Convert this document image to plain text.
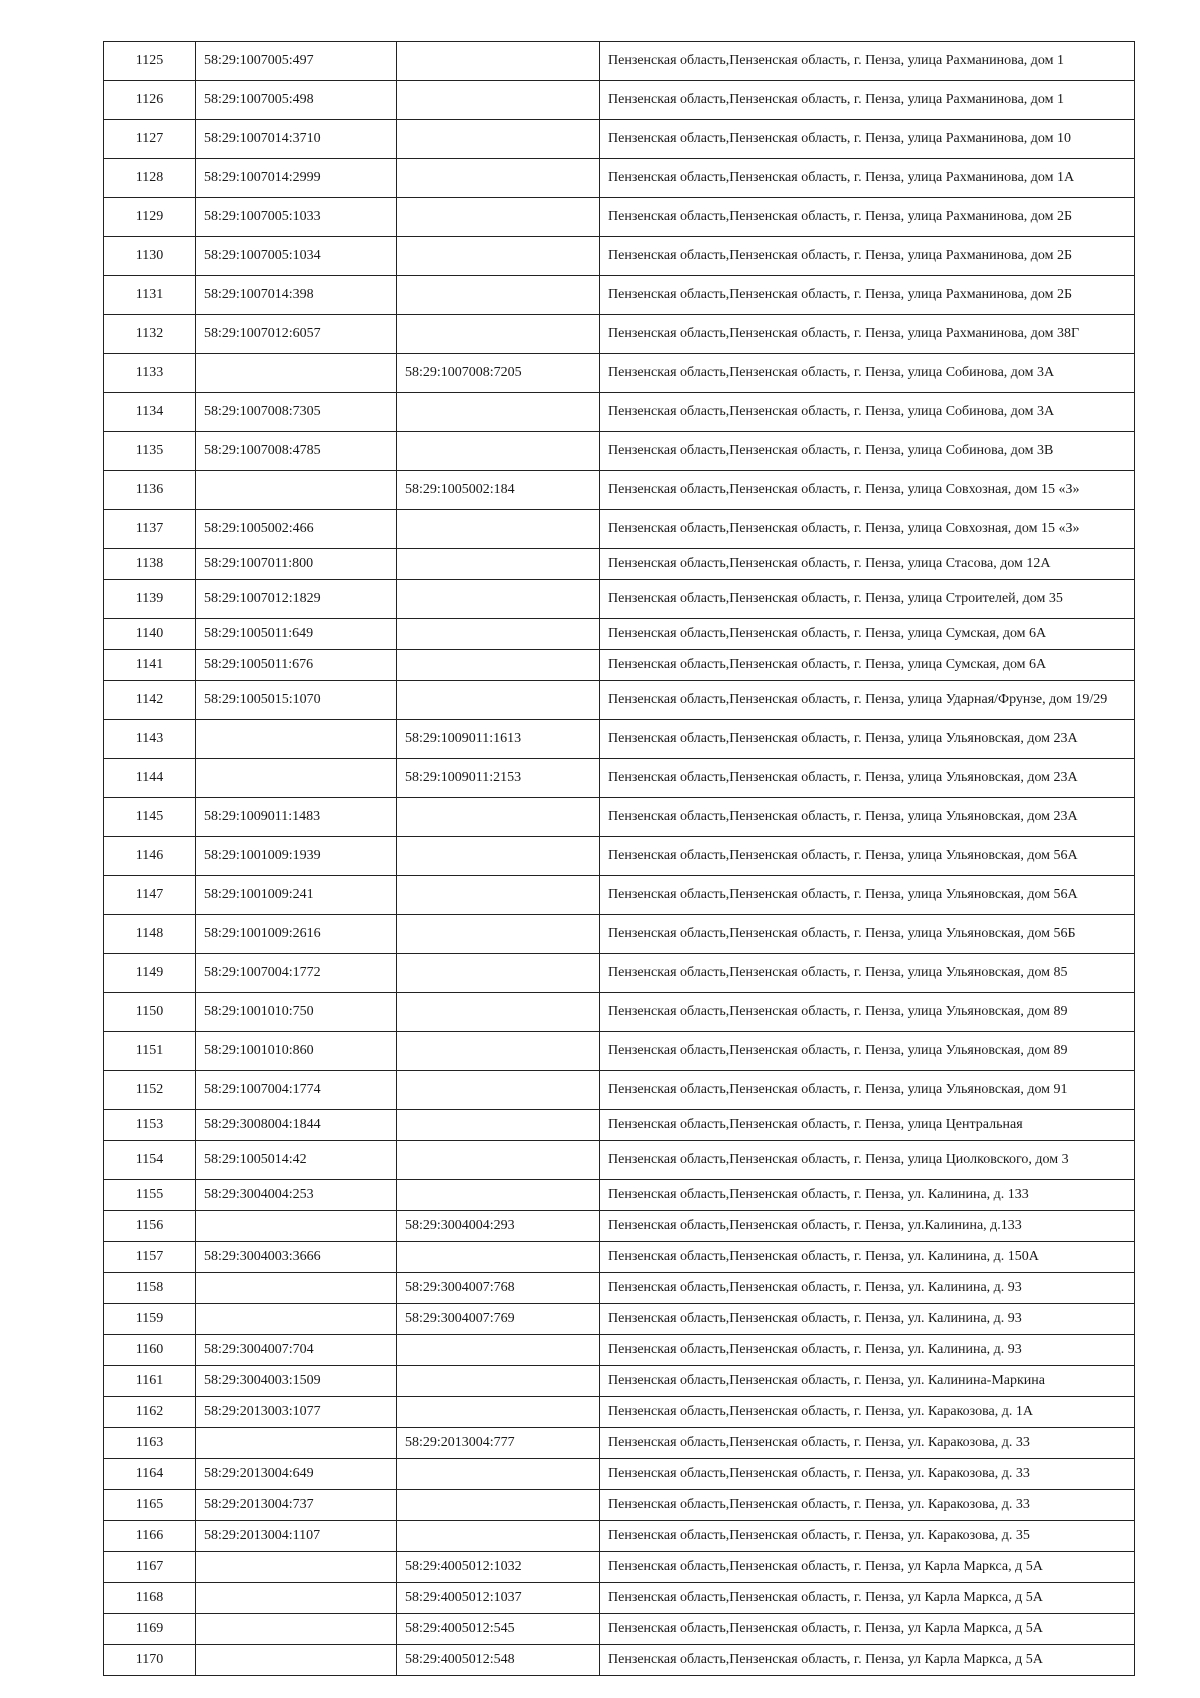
1125	58:29:1007005:497		Пензенская область,Пензенская область, г. Пенза, улица Рахманинова, дом 1
1126	58:29:1007005:498		Пензенская область,Пензенская область, г. Пенза, улица Рахманинова, дом 1
1127	58:29:1007014:3710		Пензенская область,Пензенская область, г. Пенза, улица Рахманинова, дом 10
1128	58:29:1007014:2999		Пензенская область,Пензенская область, г. Пенза, улица Рахманинова, дом 1А
1129	58:29:1007005:1033		Пензенская область,Пензенская область, г. Пенза, улица Рахманинова, дом 2Б
1130	58:29:1007005:1034		Пензенская область,Пензенская область, г. Пенза, улица Рахманинова, дом 2Б
1131	58:29:1007014:398		Пензенская область,Пензенская область, г. Пенза, улица Рахманинова, дом 2Б
1132	58:29:1007012:6057		Пензенская область,Пензенская область, г. Пенза, улица Рахманинова, дом 38Г
1133		58:29:1007008:7205	Пензенская область,Пензенская область, г. Пенза, улица Собинова, дом 3А
1134	58:29:1007008:7305		Пензенская область,Пензенская область, г. Пенза, улица Собинова, дом 3А
1135	58:29:1007008:4785		Пензенская область,Пензенская область, г. Пенза, улица Собинова, дом 3В
1136		58:29:1005002:184	Пензенская область,Пензенская область, г. Пенза, улица Совхозная, дом 15 «З»
1137	58:29:1005002:466		Пензенская область,Пензенская область, г. Пенза, улица Совхозная, дом 15 «З»
1138	58:29:1007011:800		Пензенская область,Пензенская область, г. Пенза, улица Стасова, дом 12А
1139	58:29:1007012:1829		Пензенская область,Пензенская область, г. Пенза, улица Строителей, дом 35
1140	58:29:1005011:649		Пензенская область,Пензенская область, г. Пенза, улица Сумская, дом 6А
1141	58:29:1005011:676		Пензенская область,Пензенская область, г. Пенза, улица Сумская, дом 6А
1142	58:29:1005015:1070		Пензенская область,Пензенская область, г. Пенза, улица Ударная/Фрунзе, дом 19/29
1143		58:29:1009011:1613	Пензенская область,Пензенская область, г. Пенза, улица Ульяновская, дом 23А
1144		58:29:1009011:2153	Пензенская область,Пензенская область, г. Пенза, улица Ульяновская, дом 23А
1145	58:29:1009011:1483		Пензенская область,Пензенская область, г. Пенза, улица Ульяновская, дом 23А
1146	58:29:1001009:1939		Пензенская область,Пензенская область, г. Пенза, улица Ульяновская, дом 56А
1147	58:29:1001009:241		Пензенская область,Пензенская область, г. Пенза, улица Ульяновская, дом 56А
1148	58:29:1001009:2616		Пензенская область,Пензенская область, г. Пенза, улица Ульяновская, дом 56Б
1149	58:29:1007004:1772		Пензенская область,Пензенская область, г. Пенза, улица Ульяновская, дом 85
1150	58:29:1001010:750		Пензенская область,Пензенская область, г. Пенза, улица Ульяновская, дом 89
1151	58:29:1001010:860		Пензенская область,Пензенская область, г. Пенза, улица Ульяновская, дом 89
1152	58:29:1007004:1774		Пензенская область,Пензенская область, г. Пенза, улица Ульяновская, дом 91
1153	58:29:3008004:1844		Пензенская область,Пензенская область, г. Пенза, улица Центральная
1154	58:29:1005014:42		Пензенская область,Пензенская область, г. Пенза, улица Циолковского, дом 3
1155	58:29:3004004:253		Пензенская область,Пензенская область, г. Пенза, ул. Калинина, д. 133
1156		58:29:3004004:293	Пензенская область,Пензенская область, г. Пенза, ул.Калинина, д.133
1157	58:29:3004003:3666		Пензенская область,Пензенская область, г. Пенза, ул. Калинина, д. 150А
1158		58:29:3004007:768	Пензенская область,Пензенская область, г. Пенза, ул. Калинина, д. 93
1159		58:29:3004007:769	Пензенская область,Пензенская область, г. Пенза, ул. Калинина, д. 93
1160	58:29:3004007:704		Пензенская область,Пензенская область, г. Пенза, ул. Калинина, д. 93
1161	58:29:3004003:1509		Пензенская область,Пензенская область, г. Пенза, ул. Калинина-Маркина
1162	58:29:2013003:1077		Пензенская область,Пензенская область, г. Пенза, ул. Каракозова, д. 1А
1163		58:29:2013004:777	Пензенская область,Пензенская область, г. Пенза, ул. Каракозова, д. 33
1164	58:29:2013004:649		Пензенская область,Пензенская область, г. Пенза, ул. Каракозова, д. 33
1165	58:29:2013004:737		Пензенская область,Пензенская область, г. Пенза, ул. Каракозова, д. 33
1166	58:29:2013004:1107		Пензенская область,Пензенская область, г. Пенза, ул. Каракозова, д. 35
1167		58:29:4005012:1032	Пензенская область,Пензенская область, г. Пенза, ул Карла Маркса, д 5А
1168		58:29:4005012:1037	Пензенская область,Пензенская область, г. Пенза, ул Карла Маркса, д 5А
1169		58:29:4005012:545	Пензенская область,Пензенская область, г. Пенза, ул Карла Маркса, д 5А
1170		58:29:4005012:548	Пензенская область,Пензенская область, г. Пенза, ул Карла Маркса, д 5А
